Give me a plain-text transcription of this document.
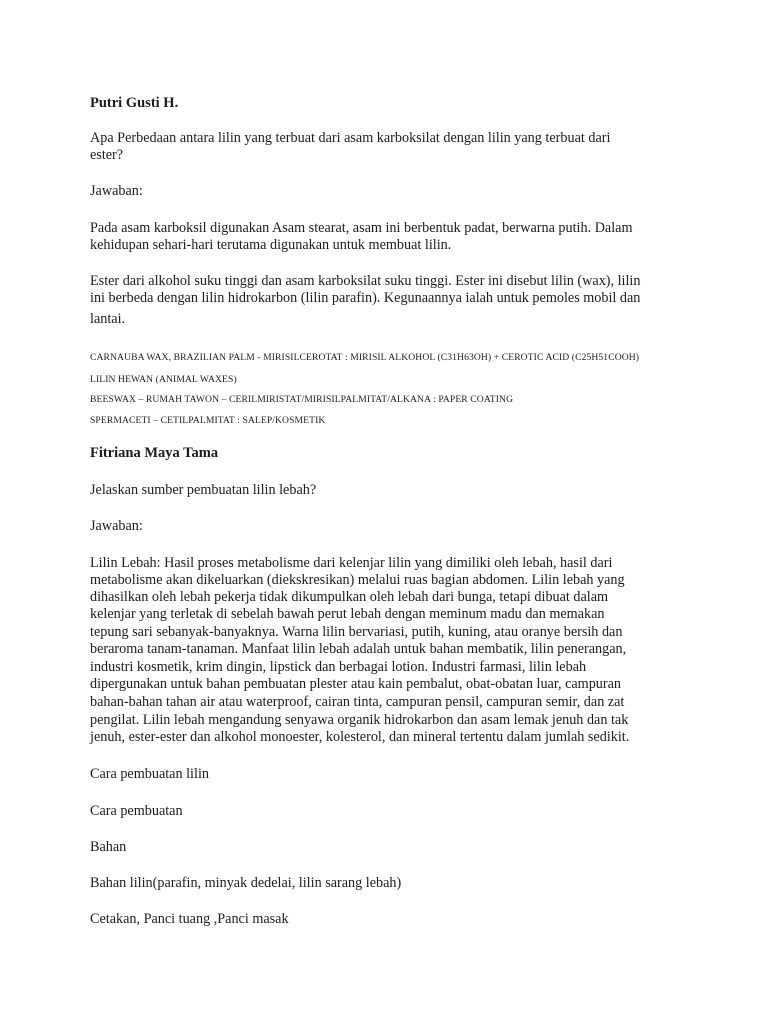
Putri Gusti H.

Apa Perbedaan antara lilin yang terbuat dari asam karboksilat dengan lilin yang terbuat dari

ester?

Jawaban:

Pada asam karboksil digunakan Asam stearat, asam ini berbentuk padat, berwarna putih. Dalam

kehidupan sehari-hari terutama digunakan untuk membuat lilin.

Ester dari alkohol suku tinggi dan asam karboksilat suku tinggi. Ester ini disebut lilin (wax), lilin

ini berbeda dengan lilin hidrokarbon (lilin parafin). Kegunaannya ialah untuk pemoles mobil dan

lantai.

CARNAUBA WAX, BRAZILIAN PALM - MIRISILCEROTAT : MIRISIL ALKOHOL (C31H63OH) + CEROTIC ACID (C25H51COOH)

LILIN HEWAN (ANIMAL WAXES)

BEESWAX – RUMAH TAWON – CERILMIRISTAT/MIRISILPALMITAT/ALKANA : PAPER COATING

SPERMACETI – CETILPALMITAT : SALEP/KOSMETIK

Fitriana Maya Tama

Jelaskan sumber pembuatan lilin lebah?

Jawaban:

Lilin Lebah: Hasil proses metabolisme dari kelenjar lilin yang dimiliki oleh lebah, hasil dari

metabolisme akan dikeluarkan (diekskresikan) melalui ruas bagian abdomen. Lilin lebah yang

dihasilkan oleh lebah pekerja tidak dikumpulkan oleh lebah dari bunga, tetapi dibuat dalam

kelenjar yang terletak di sebelah bawah perut lebah dengan meminum madu dan memakan

tepung sari sebanyak-banyaknya. Warna lilin bervariasi, putih, kuning, atau oranye bersih dan

beraroma tanam-tanaman. Manfaat lilin lebah adalah untuk bahan membatik, lilin penerangan,

industri kosmetik, krim dingin, lipstick dan berbagai lotion. Industri farmasi, lilin lebah

dipergunakan untuk bahan pembuatan plester atau kain pembalut, obat-obatan luar, campuran

bahan-bahan tahan air atau waterproof, cairan tinta, campuran pensil, campuran semir, dan zat

pengilat. Lilin lebah mengandung senyawa organik hidrokarbon dan asam lemak jenuh dan tak

jenuh, ester-ester dan alkohol monoester, kolesterol, dan mineral tertentu dalam jumlah sedikit.

Cara pembuatan lilin

Cara pembuatan

Bahan

Bahan lilin(parafin, minyak dedelai, lilin sarang lebah)

Cetakan, Panci tuang ,Panci masak
